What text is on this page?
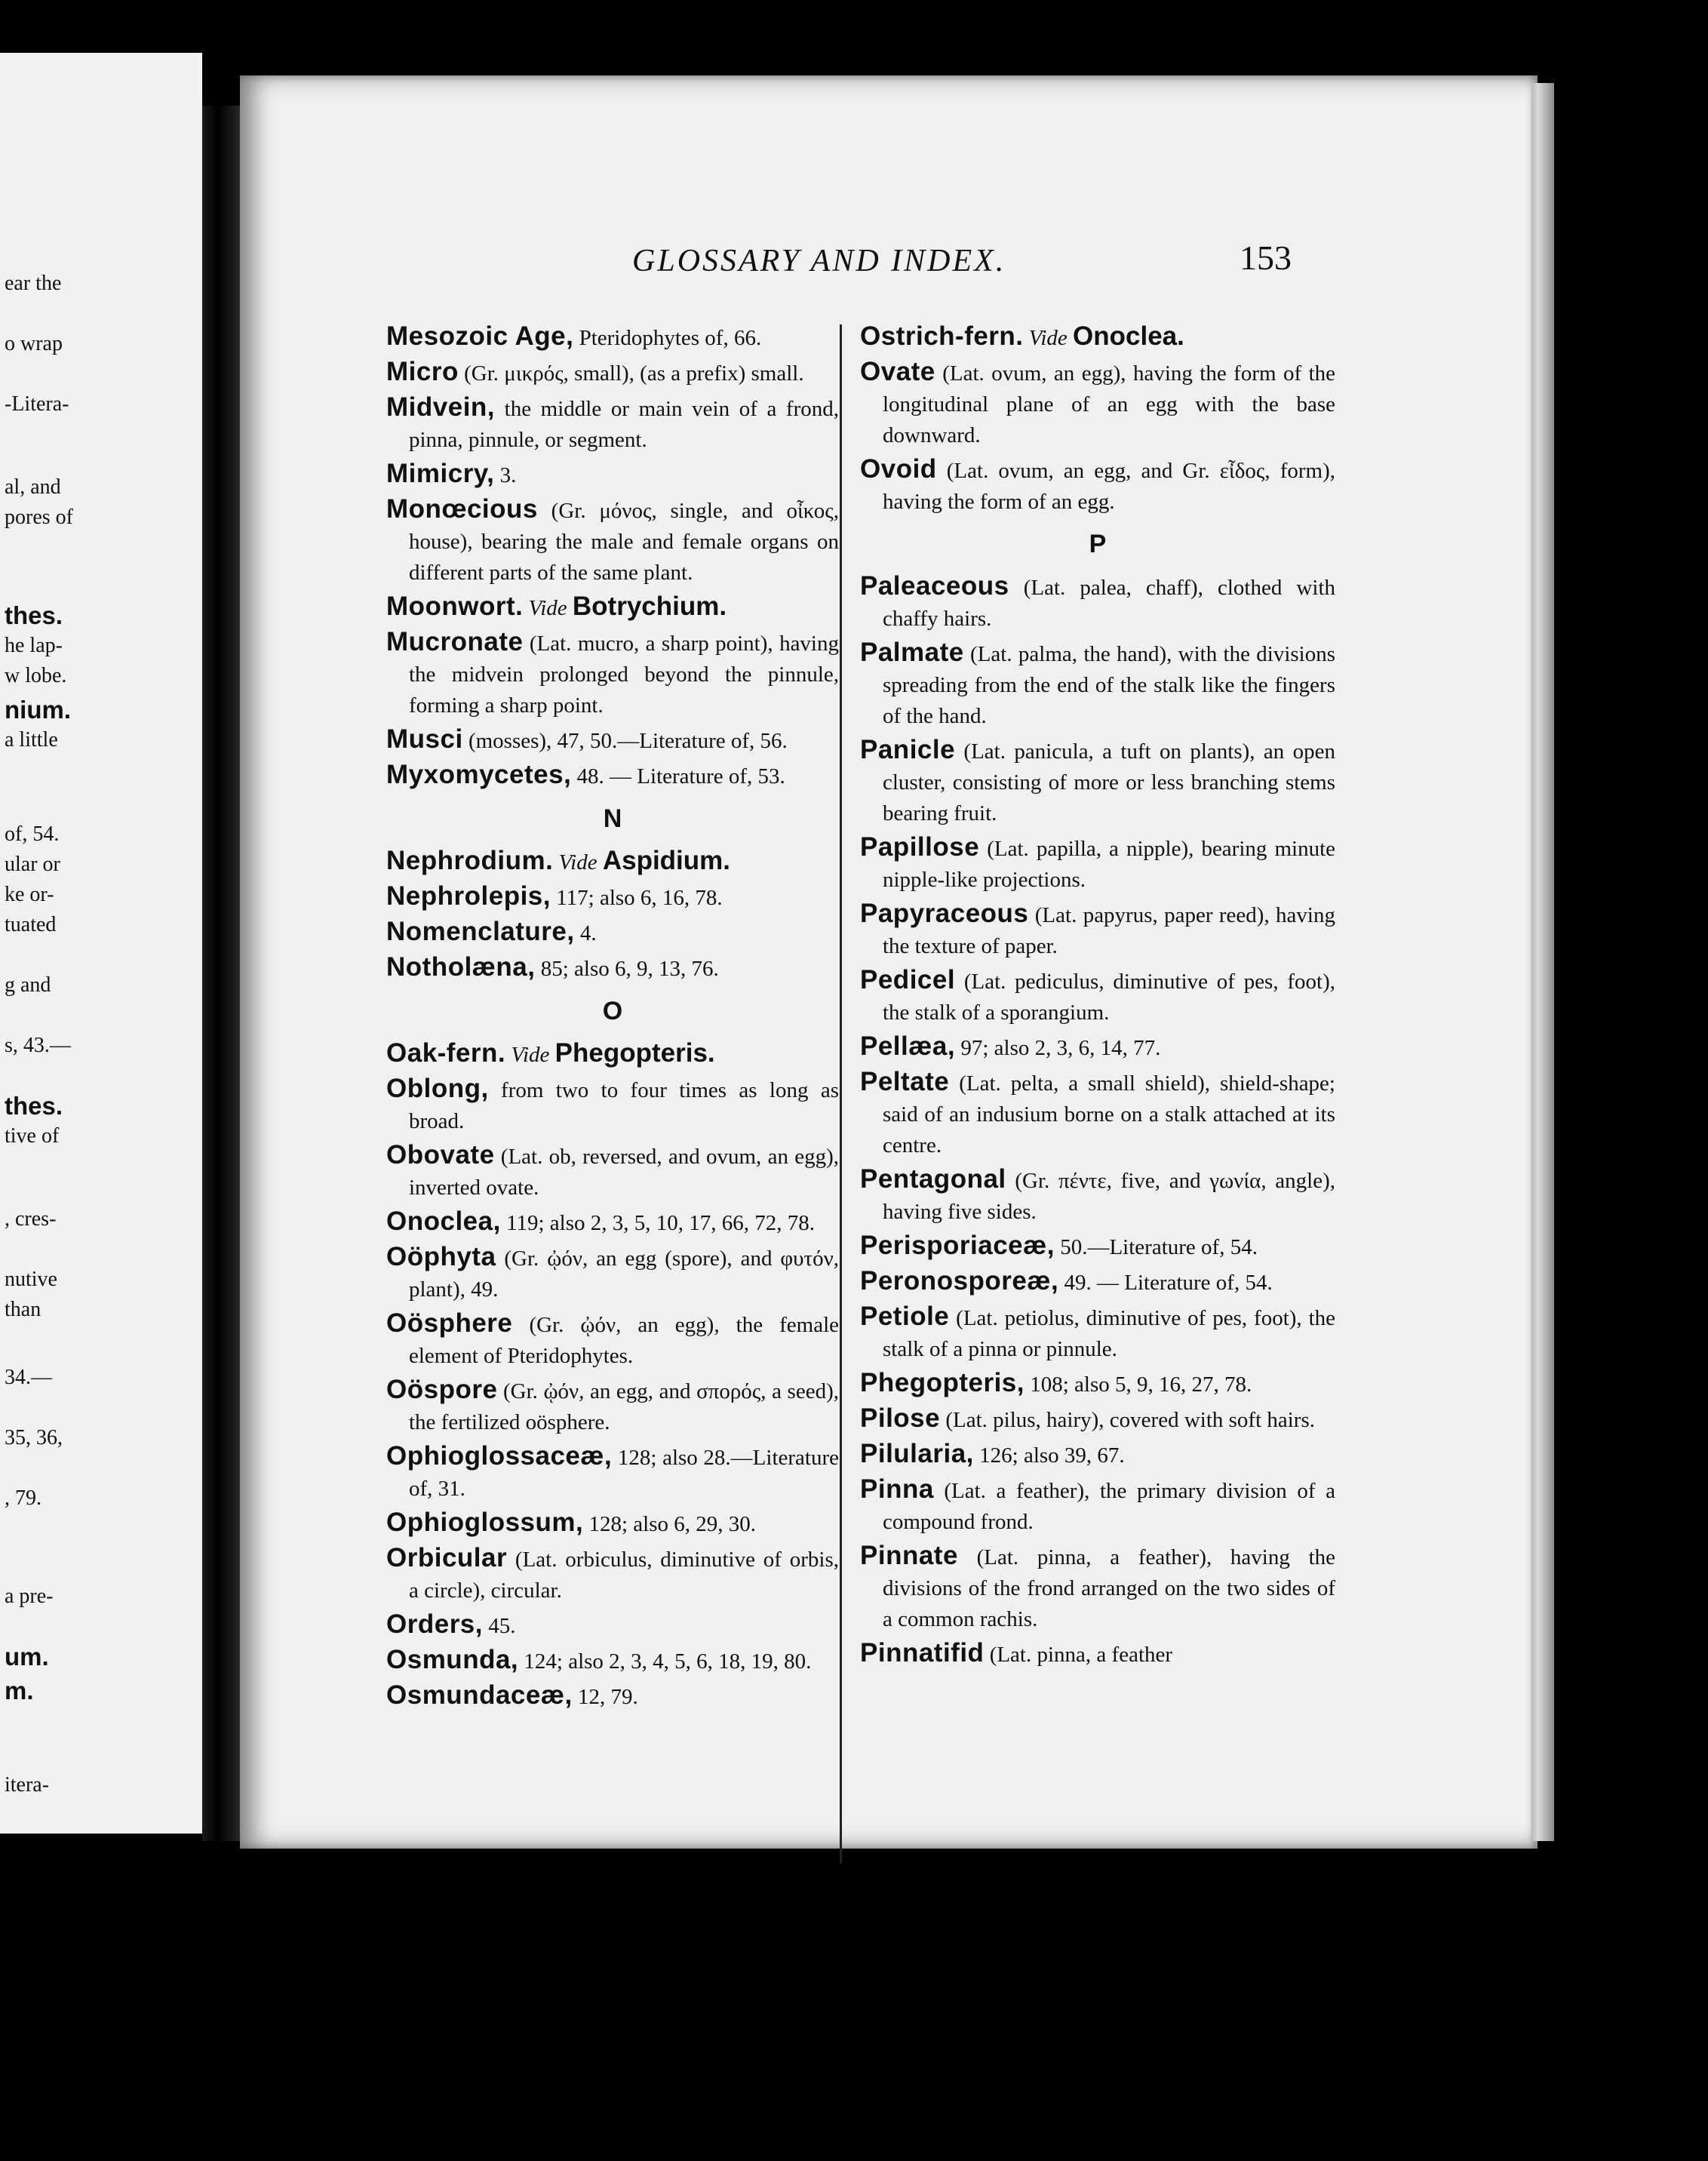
ear the
o wrap
-Litera-
al, and
pores of
thes.
he lap-
w lobe.
nium.
a little
of, 54.
ular or
ke or-
tuated
g and
s, 43.—
thes.
tive of
, cres-
nutive
than
34.—
35, 36,
, 79.
a pre-
um.
m.
itera-
GLOSSARY AND INDEX.	153
Mesozoic Age, Pteridophytes of, 66.
Micro (Gr. μικρός, small), (as a prefix) small.
Midvein, the middle or main vein of a frond, pinna, pinnule, or segment.
Mimicry, 3.
Monœcious (Gr. μόνος, single, and οἶκος, house), bearing the male and female organs on different parts of the same plant.
Moonwort. Vide Botrychium.
Mucronate (Lat. mucro, a sharp point), having the midvein prolonged beyond the pinnule, forming a sharp point.
Musci (mosses), 47, 50.—Literature of, 56.
Myxomycetes, 48. — Literature of, 53.
N
Nephrodium. Vide Aspidium.
Nephrolepis, 117; also 6, 16, 78.
Nomenclature, 4.
Notholæna, 85; also 6, 9, 13, 76.
O
Oak-fern. Vide Phegopteris.
Oblong, from two to four times as long as broad.
Obovate (Lat. ob, reversed, and ovum, an egg), inverted ovate.
Onoclea, 119; also 2, 3, 5, 10, 17, 66, 72, 78.
Oöphyta (Gr. ᾠόν, an egg (spore), and φυτόν, plant), 49.
Oösphere (Gr. ᾠόν, an egg), the female element of Pteridophytes.
Oöspore (Gr. ᾠόν, an egg, and σπορός, a seed), the fertilized oösphere.
Ophioglossaceæ, 128; also 28.—Literature of, 31.
Ophioglossum, 128; also 6, 29, 30.
Orbicular (Lat. orbiculus, diminutive of orbis, a circle), circular.
Orders, 45.
Osmunda, 124; also 2, 3, 4, 5, 6, 18, 19, 80.
Osmundaceæ, 12, 79.
Ostrich-fern. Vide Onoclea.
Ovate (Lat. ovum, an egg), having the form of the longitudinal plane of an egg with the base downward.
Ovoid (Lat. ovum, an egg, and Gr. εἶδος, form), having the form of an egg.
P
Paleaceous (Lat. palea, chaff), clothed with chaffy hairs.
Palmate (Lat. palma, the hand), with the divisions spreading from the end of the stalk like the fingers of the hand.
Panicle (Lat. panicula, a tuft on plants), an open cluster, consisting of more or less branching stems bearing fruit.
Papillose (Lat. papilla, a nipple), bearing minute nipple-like projections.
Papyraceous (Lat. papyrus, paper reed), having the texture of paper.
Pedicel (Lat. pediculus, diminutive of pes, foot), the stalk of a sporangium.
Pellæa, 97; also 2, 3, 6, 14, 77.
Peltate (Lat. pelta, a small shield), shield-shape; said of an indusium borne on a stalk attached at its centre.
Pentagonal (Gr. πέντε, five, and γωνία, angle), having five sides.
Perisporiaceæ, 50.—Literature of, 54.
Peronosporeæ, 49. — Literature of, 54.
Petiole (Lat. petiolus, diminutive of pes, foot), the stalk of a pinna or pinnule.
Phegopteris, 108; also 5, 9, 16, 27, 78.
Pilose (Lat. pilus, hairy), covered with soft hairs.
Pilularia, 126; also 39, 67.
Pinna (Lat. a feather), the primary division of a compound frond.
Pinnate (Lat. pinna, a feather), having the divisions of the frond arranged on the two sides of a common rachis.
Pinnatifid (Lat. pinna, a feather
